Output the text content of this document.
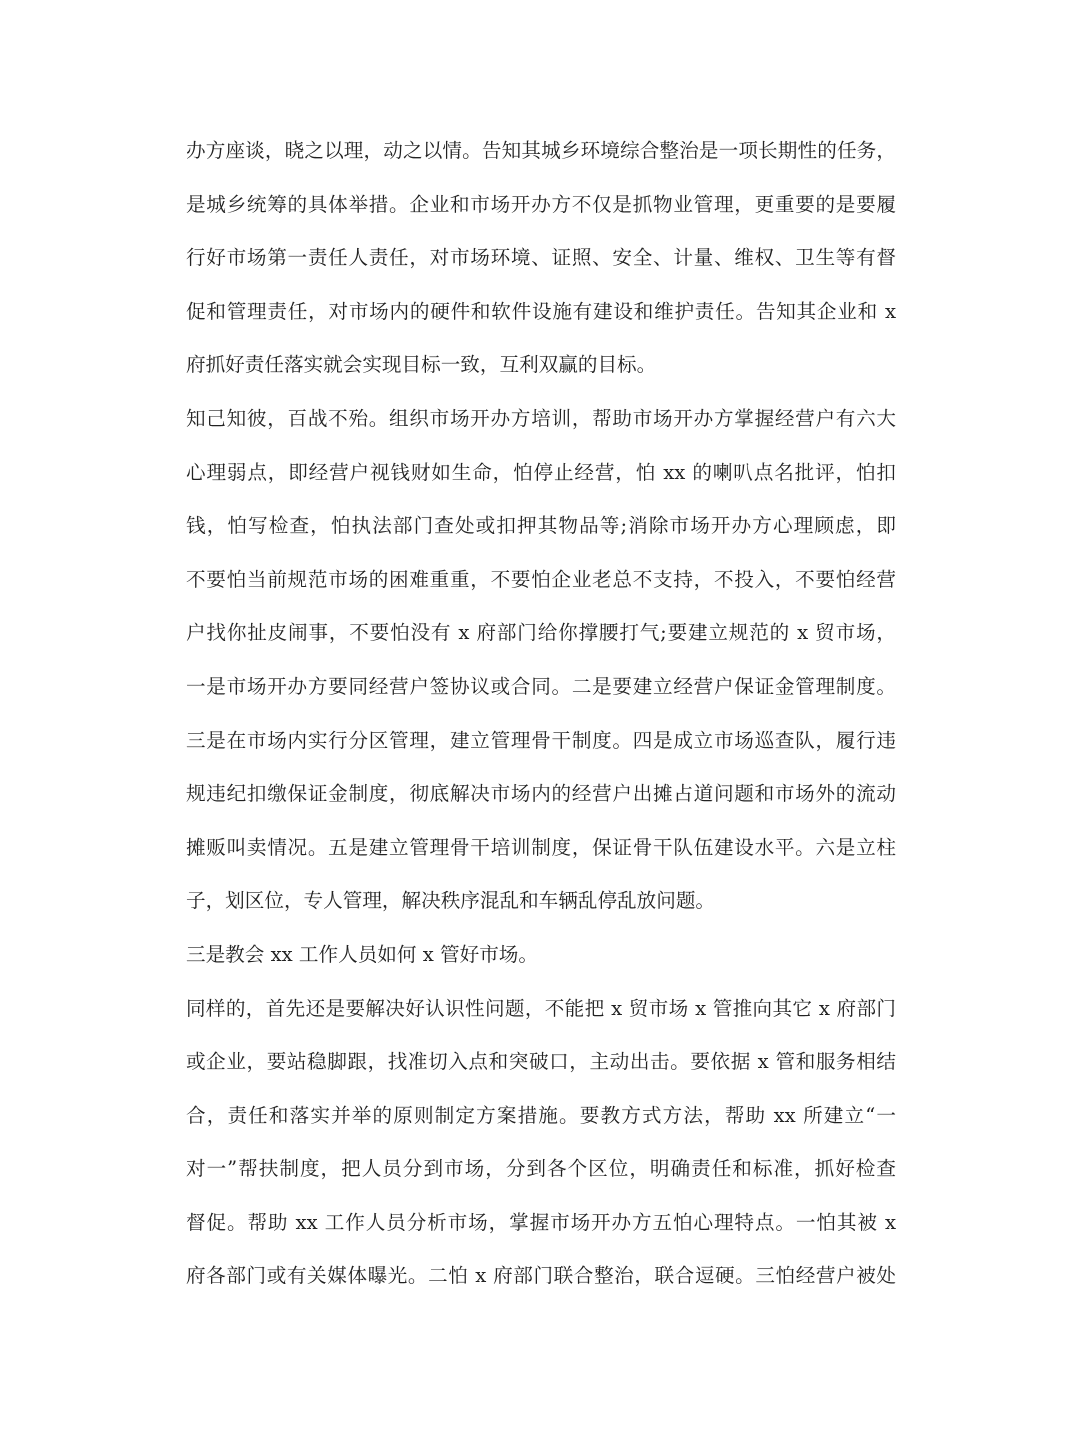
办方座谈，晓之以理，动之以情。告知其城乡环境综合整治是一项长期性的任务，
是城乡统筹的具体举措。企业和市场开办方不仅是抓物业管理，更重要的是要履
行好市场第一责任人责任，对市场环境、证照、安全、计量、维权、卫生等有督
促和管理责任，对市场内的硬件和软件设施有建设和维护责任。告知其企业和 x
府抓好责任落实就会实现目标一致，互利双赢的目标。
知己知彼，百战不殆。组织市场开办方培训，帮助市场开办方掌握经营户有六大
心理弱点，即经营户视钱财如生命，怕停止经营，怕 xx 的喇叭点名批评，怕扣
钱，怕写检查，怕执法部门查处或扣押其物品等;消除市场开办方心理顾虑，即
不要怕当前规范市场的困难重重，不要怕企业老总不支持，不投入，不要怕经营
户找你扯皮闹事，不要怕没有 x 府部门给你撑腰打气;要建立规范的 x 贸市场，
一是市场开办方要同经营户签协议或合同。二是要建立经营户保证金管理制度。
三是在市场内实行分区管理，建立管理骨干制度。四是成立市场巡查队，履行违
规违纪扣缴保证金制度，彻底解决市场内的经营户出摊占道问题和市场外的流动
摊贩叫卖情况。五是建立管理骨干培训制度，保证骨干队伍建设水平。六是立柱
子，划区位，专人管理，解决秩序混乱和车辆乱停乱放问题。
三是教会 xx 工作人员如何 x 管好市场。
同样的，首先还是要解决好认识性问题，不能把 x 贸市场 x 管推向其它 x 府部门
或企业，要站稳脚跟，找准切入点和突破口，主动出击。要依据 x 管和服务相结
合，责任和落实并举的原则制定方案措施。要教方式方法，帮助 xx 所建立“一
对一”帮扶制度，把人员分到市场，分到各个区位，明确责任和标准，抓好检查
督促。帮助 xx 工作人员分析市场，掌握市场开办方五怕心理特点。一怕其被 x
府各部门或有关媒体曝光。二怕 x 府部门联合整治，联合逗硬。三怕经营户被处
